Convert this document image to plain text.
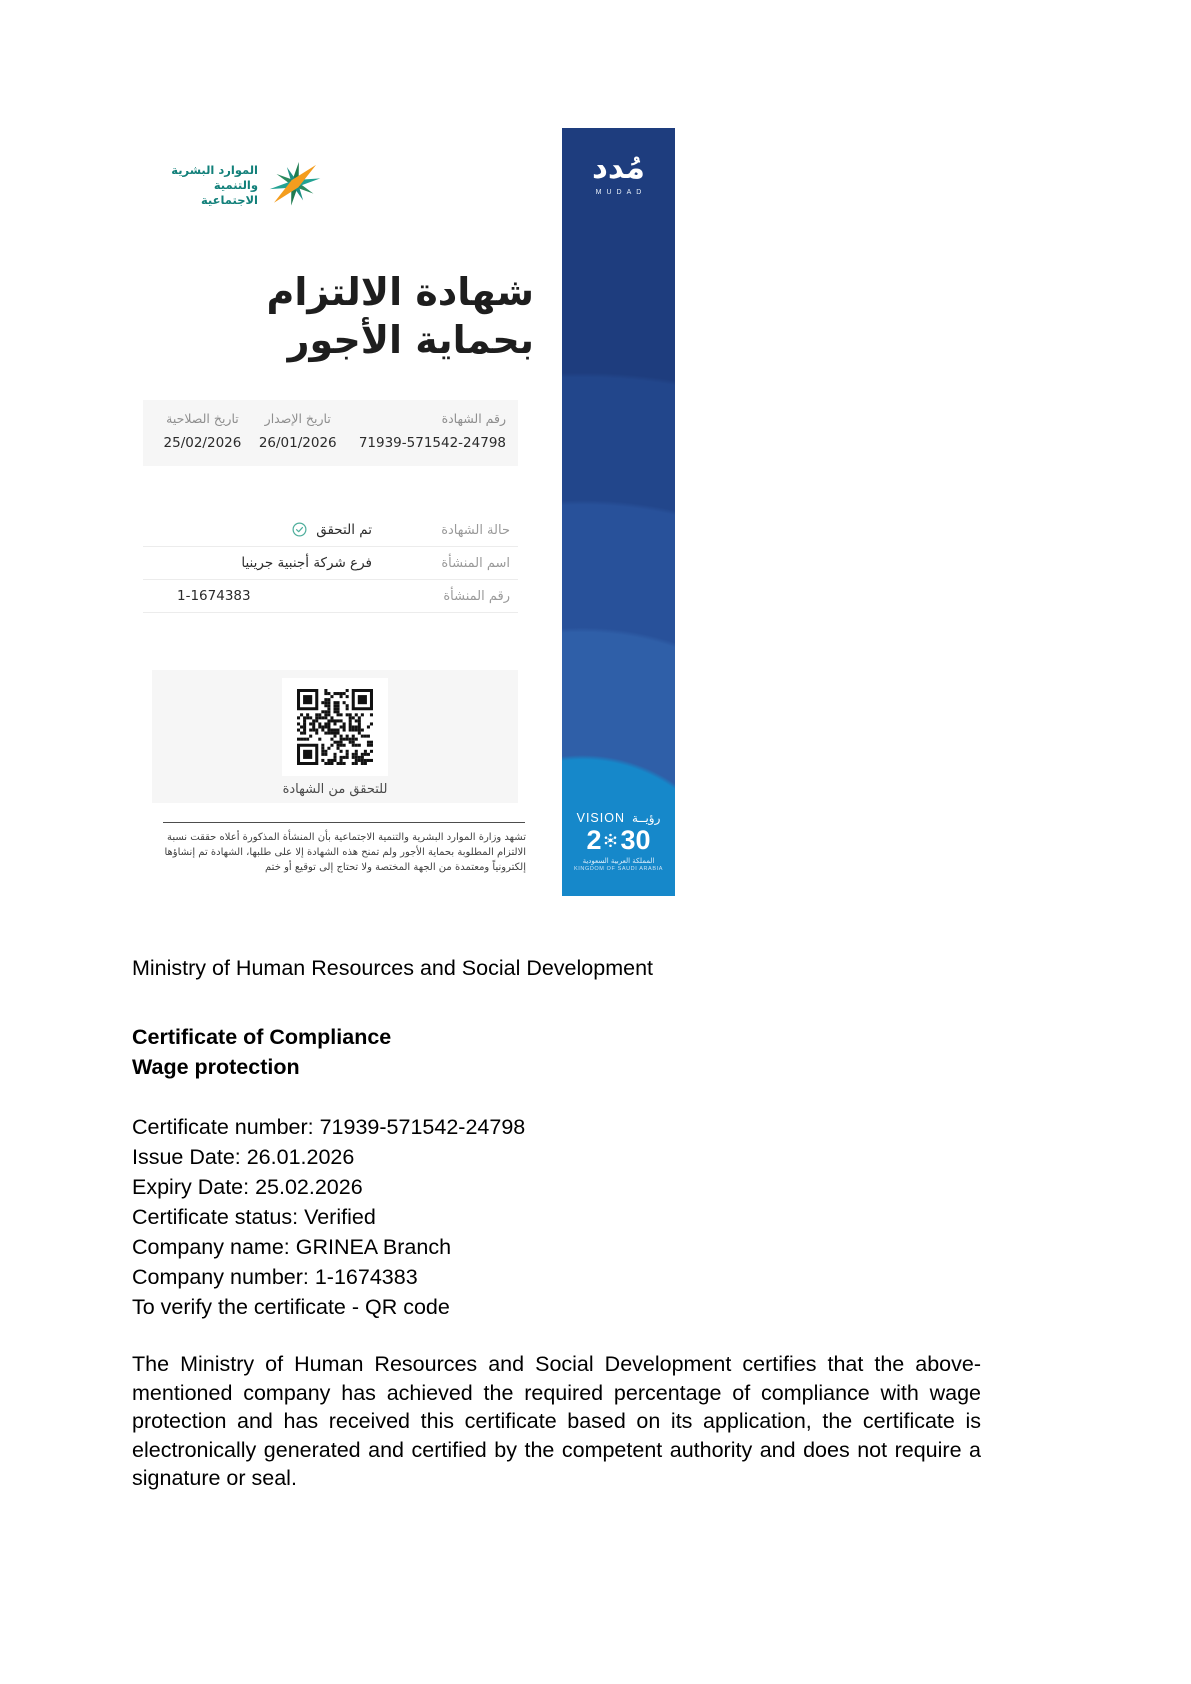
الموارد البشرية
والتنمية الاجتماعية
شهادة الالتزام
بحماية الأجور
رقم الشهادة
71939-571542-24798
تاريخ الإصدار
26/01/2026
تاريخ الصلاحية
25/02/2026
حالة الشهادة
تم التحقق
اسم المنشأة
فرع شركة أجنبية جرينيا
رقم المنشأة
1-1674383
للتحقق من الشهادة
تشهد وزارة الموارد البشرية والتنمية الاجتماعية بأن المنشأة المذكورة أعلاه حققت نسبة الالتزام المطلوبة بحماية الأجور ولم تمنح هذه الشهادة إلا على طلبها، الشهادة تم إنشاؤها إلكترونياً ومعتمدة من الجهة المختصة ولا تحتاج إلى توقيع أو ختم
مُدد
MUDAD
VISION رؤيــة
2 30
المملكة العربية السعودية
KINGDOM OF SAUDI ARABIA
Ministry of Human Resources and Social Development
Certificate of Compliance
Wage protection
Certificate number: 71939-571542-24798
Issue Date: 26.01.2026
Expiry Date: 25.02.2026
Certificate status: Verified
Company name: GRINEA Branch
Company number: 1-1674383
To verify the certificate - QR code
The Ministry of Human Resources and Social Development certifies that the above-mentioned company has achieved the required percentage of compliance with wage protection and has received this certificate based on its application, the certificate is electronically generated and certified by the competent authority and does not require a signature or seal.
